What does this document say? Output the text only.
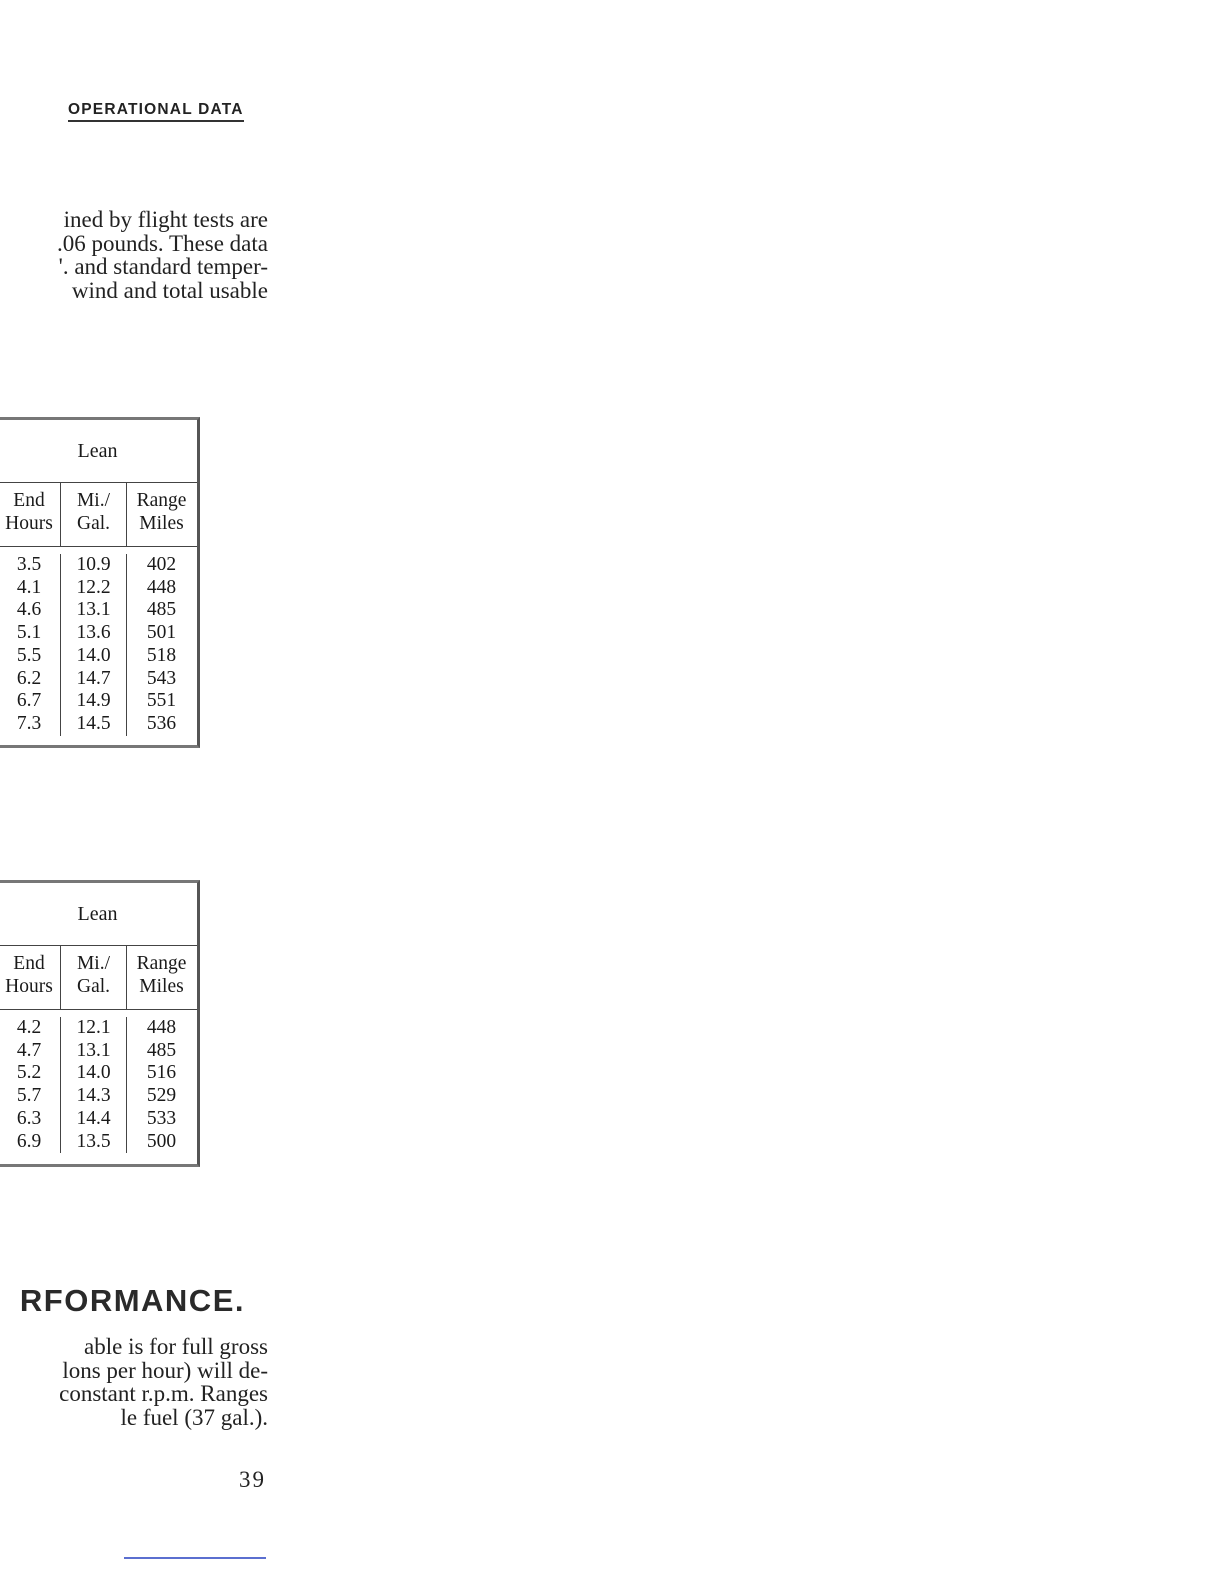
OPERATIONAL DATA
ined by flight tests are
.06 pounds. These data
'. and standard temper-
wind and total usable
Lean
End
Hours
Mi./
Gal.
Range
Miles
3.5
4.1
4.6
5.1
5.5
6.2
6.7
7.3
10.9
12.2
13.1
13.6
14.0
14.7
14.9
14.5
402
448
485
501
518
543
551
536
Lean
End
Hours
Mi./
Gal.
Range
Miles
4.2
4.7
5.2
5.7
6.3
6.9
12.1
13.1
14.0
14.3
14.4
13.5
448
485
516
529
533
500
RFORMANCE.
able is for full gross
lons per hour) will de-
constant r.p.m. Ranges
le fuel (37 gal.).
39
